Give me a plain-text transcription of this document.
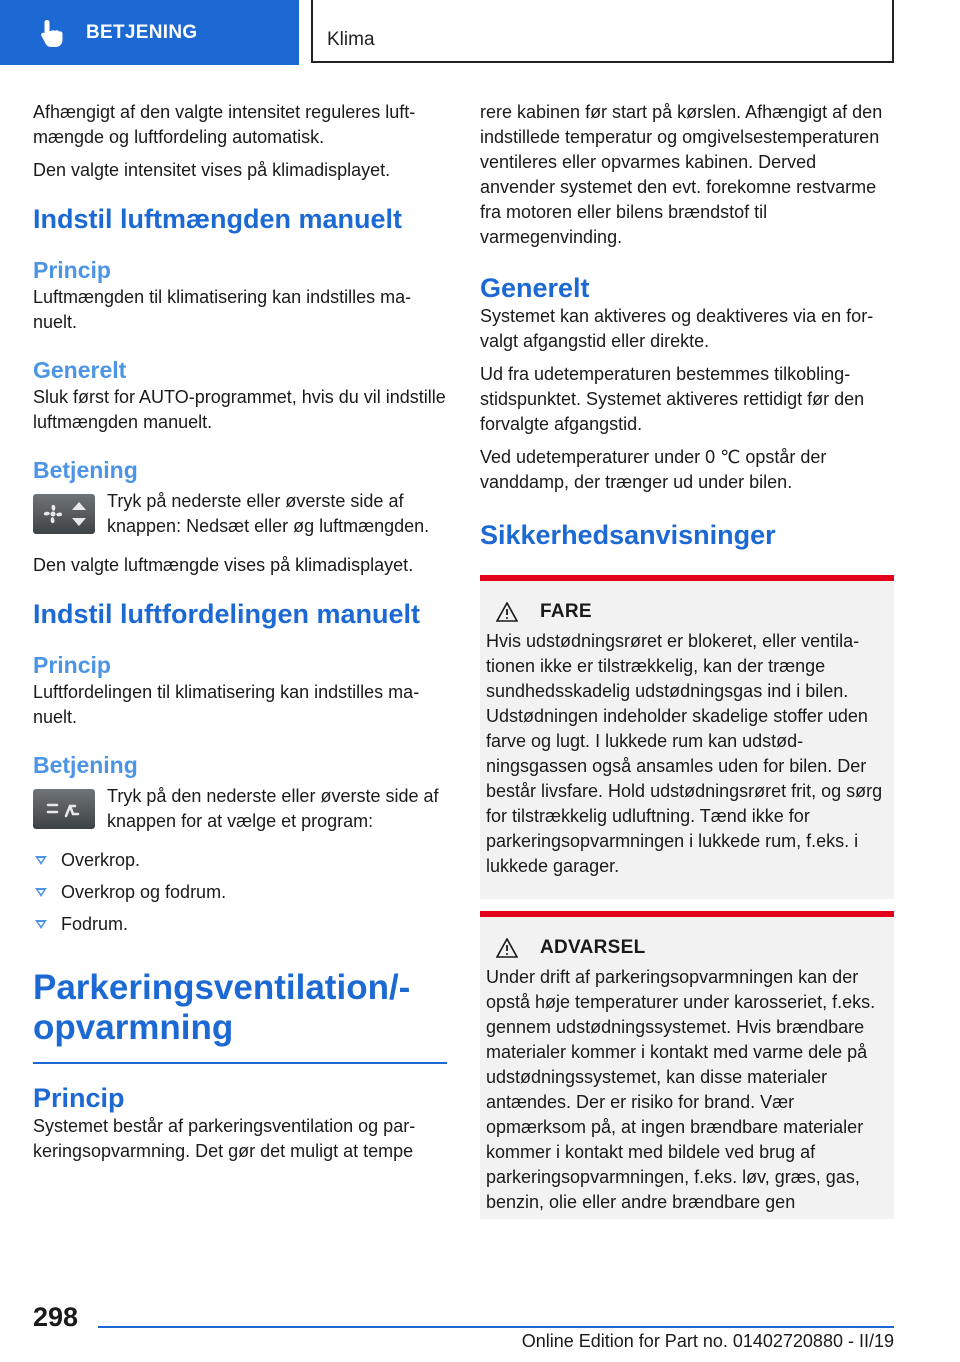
BETJENING	Klima

Afhængigt af den valgte intensitet reguleres luftmængde og luftfordeling automatisk.

Den valgte intensitet vises på klimadisplayet.

Indstil luftmængden manuelt
Princip

Luftmængden til klimatisering kan indstilles manuelt.

Generelt

Sluk først for AUTO-programmet, hvis du vil indstille luftmængden manuelt.

Betjening

Tryk på nederste eller øverste side af knappen: Nedsæt eller øg luftmængden.

Den valgte luftmængde vises på klimadisplayet.

Indstil luftfordelingen manuelt
Princip

Luftfordelingen til klimatisering kan indstilles manuelt.

Betjening

Tryk på den nederste eller øverste side af knappen for at vælge et program:

Overkrop.
Overkrop og fodrum.
Fodrum.
Parkeringsventilation/opvarmning
Princip

Systemet består af parkeringsventilation og parkeringsopvarmning. Det gør det muligt at tempe

rere kabinen før start på kørslen. Afhængigt af den indstillede temperatur og omgivelsestemperaturen ventileres eller opvarmes kabinen. Derved anvender systemet den evt. forekomne restvarme fra motoren eller bilens brændstof til varmegenvinding.

Generelt

Systemet kan aktiveres og deaktiveres via en forvalgt afgangstid eller direkte.

Ud fra udetemperaturen bestemmes tilkoblingstidspunktet. Systemet aktiveres rettidigt før den forvalgte afgangstid.

Ved udetemperaturer under 0 ℃ opstår der vanddamp, der trænger ud under bilen.

Sikkerhedsanvisninger
FARE

Hvis udstødningsrøret er blokeret, eller ventilationen ikke er tilstrækkelig, kan der trænge sundhedsskadelig udstødningsgas ind i bilen. Udstødningen indeholder skadelige stoffer uden farve og lugt. I lukkede rum kan udstødningsgassen også ansamles uden for bilen. Der består livsfare. Hold udstødningsrøret frit, og sørg for tilstrækkelig udluftning. Tænd ikke for parkeringsopvarmningen i lukkede rum, f.eks. i lukkede garager.

ADVARSEL

Under drift af parkeringsopvarmningen kan der opstå høje temperaturer under karosseriet, f.eks. gennem udstødningssystemet. Hvis brændbare materialer kommer i kontakt med varme dele på udstødningssystemet, kan disse materialer antændes. Der er risiko for brand. Vær opmærksom på, at ingen brændbare materialer kommer i kontakt med bildele ved brug af parkeringsopvarmningen, f.eks. løv, græs, gas, benzin, olie eller andre brændbare gen

298
Online Edition for Part no. 01402720880 - II/19
